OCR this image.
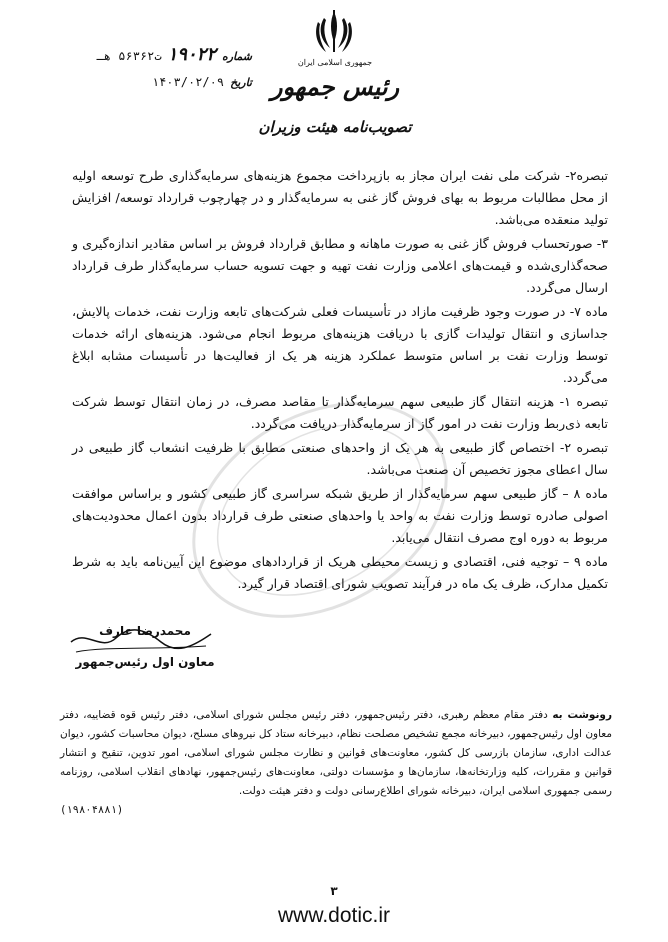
جمهوری اسلامی ایران
رئیس جمهور
تصویب‌نامه هیئت وزیران
شماره
۱۹۰۲۲
ت۵۶۳۶۲ هـ
تاریخ
۱۴۰۳/۰۲/۰۹

تبصره۲- شرکت ملی نفت ایران مجاز به بازپرداخت مجموع هزینه‌های سرمایه‌گذاری طرح توسعه اولیه از محل مطالبات مربوط به بهای فروش گاز غنی به سرمایه‌گذار و در چهارچوب قرارداد توسعه/ افزایش تولید منعقده می‌باشد.

۳- صورتحساب فروش گاز غنی به صورت ماهانه و مطابق قرارداد فروش بر اساس مقادیر اندازه‌گیری و صحه‌گذاری‌شده و قیمت‌های اعلامی وزارت نفت تهیه و جهت تسویه حساب سرمایه‌گذار طرف قرارداد ارسال می‌گردد.

ماده ۷- در صورت وجود ظرفیت مازاد در تأسیسات فعلی شرکت‌های تابعه وزارت نفت، خدمات پالایش، جداسازی و انتقال تولیدات گازی با دریافت هزینه‌های مربوط انجام می‌شود. هزینه‌های ارائه خدمات توسط وزارت نفت بر اساس متوسط عملکرد هزینه هر یک از فعالیت‌ها در تأسیسات مشابه ابلاغ می‌گردد.

تبصره ۱- هزینه انتقال گاز طبیعی سهم سرمایه‌گذار تا مقاصد مصرف، در زمان انتقال توسط شرکت تابعه ذی‌ربط وزارت نفت در امور گاز از سرمایه‌گذار دریافت می‌گردد.

تبصره ۲- اختصاص گاز طبیعی به هر یک از واحدهای صنعتی مطابق با ظرفیت انشعاب گاز طبیعی در سال اعطای مجوز تخصیص آن صنعت می‌باشد.

ماده ۸ – گاز طبیعی سهم سرمایه‌گذار از طریق شبکه سراسری گاز طبیعی کشور و براساس موافقت اصولی صادره توسط وزارت نفت به واحد یا واحدهای صنعتی طرف قرارداد بدون اعمال محدودیت‌های مربوط به دوره اوج مصرف انتقال می‌یابد.

ماده ۹ – توجیه فنی، اقتصادی و زیست محیطی هریک از قراردادهای موضوع این آیین‌نامه باید به شرط تکمیل مدارک، ظرف یک ماه در فرآیند تصویب شورای اقتصاد قرار گیرد.

محمدرضا عارف
معاون اول رئیس‌جمهور
رونوشت به دفتر مقام معظم رهبری، دفتر رئیس‌جمهور، دفتر رئیس مجلس شورای اسلامی، دفتر رئیس قوه قضاییه، دفتر معاون اول رئیس‌جمهور، دبیرخانه مجمع تشخیص مصلحت نظام، دبیرخانه ستاد کل نیروهای مسلح، دیوان محاسبات کشور، دیوان عدالت اداری، سازمان بازرسی کل کشور، معاونت‌های قوانین و نظارت مجلس شورای اسلامی، امور تدوین، تنقیح و انتشار قوانین و مقررات، کلیه وزارتخانه‌ها، سازمان‌ها و مؤسسات دولتی، معاونت‌های رئیس‌جمهور، نهادهای انقلاب اسلامی، روزنامه رسمی جمهوری اسلامی ایران، دبیرخانه شورای اطلاع‌رسانی دولت و دفتر هیئت دولت.
(۱۹۸۰۴۸۸۱)
۳
www.dotic.ir
